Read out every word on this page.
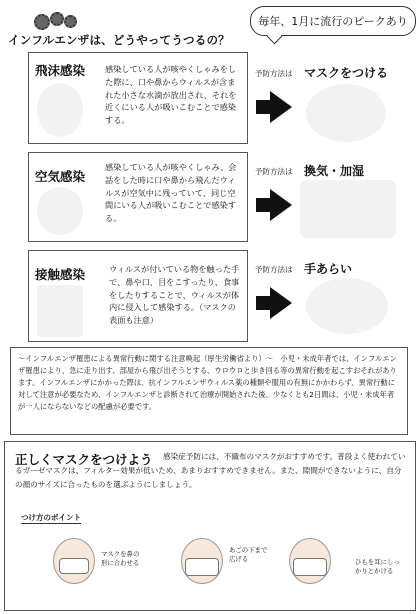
インフルエンザは、どうやってうつるの？
毎年、1月に流行のピークあり
飛沫感染 感染している人が咳やくしゃみをした際に、口や鼻からウィルスが含まれた小さな水滴が放出され、それを近くにいる人が吸いこむことで感染する。
予防方法は マスクをつける
空気感染
感染している人が咳やくしゃみ、会話をした時に口や鼻から飛んだウィルスが空気中に残っていて、同じ空間にいる人が吸いこむことで感染する。
予防方法は 換気・加湿
接触感染	ウィルスが付いている物を触った手で、鼻や口、目をこすったり、食事をしたりすることで、ウィルスが体内に侵入して感染する。（マスクの表面も注意）
予防方法は 手あらい
～インフルエンザ罹患による異常行動に関する注意喚起（厚生労働省より）～　小児・未成年者では、インフルエンザ罹患により、急に走り出す、部屋から飛び出そうとする、ウロウロと歩き回る等の異常行動を起こすおそれがあります。インフルエンザにかかった際は、抗インフルエンザウィルス薬の種類や服用の有無にかかわらず、異常行動に対して注意が必要なため、インフルエンザと診断されて治療が開始された後、少なくとも2日間は、小児・未成年者が一人にならないなどの配慮が必要です。
正しくマスクをつけよう	感染症予防には、不織布のマスクがおすすめです。普段よく使われているガーゼマスクは、フィルター効果が低いため、あまりおすすめできません。また、隙間ができないように、自分の顔のサイズに合ったものを選ぶようにしましょう。
つけ方のポイント
マスクを鼻の形に合わせる
あごの下まで広げる	ひもを耳にしっかりとかける
